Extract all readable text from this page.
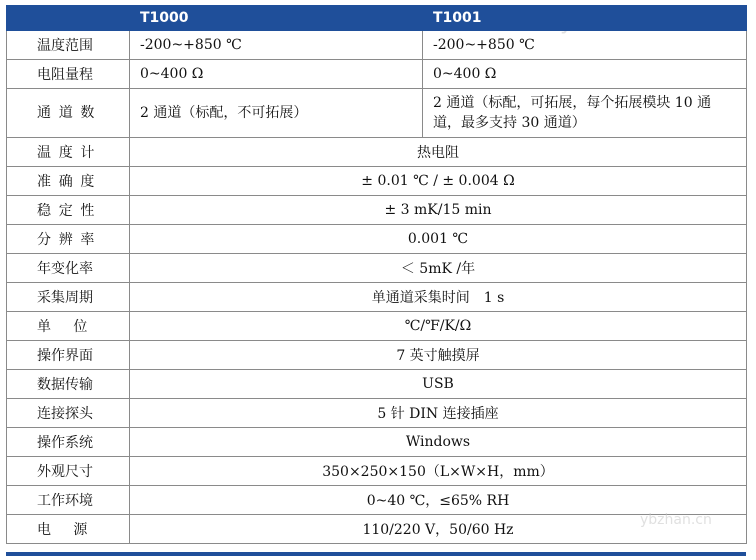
	T1000	T1001
温度范围	-200~+850 ℃	-200~+850 ℃
电阻量程	0~400 Ω	0~400 Ω
通道数	2 通道（标配，不可拓展）	2 通道（标配，可拓展，每个拓展模块 10 通道，最多支持 30 通道）
温度计	热电阻	
准确度	± 0.01 ℃ / ± 0.004 Ω	
稳定性	± 3 mK/15 min	
分辨率	0.001 ℃	
年变化率	＜ 5mK /年	
采集周期	单通道采集时间　1 s	
单位	℃/℉/K/Ω	
操作界面	7 英寸触摸屏	
数据传输	USB	
连接探头	5 针 DIN 连接插座	
操作系统	Windows	
外观尺寸	350×250×150（L×W×H，mm）	
工作环境	0~40 ℃，≤65% RH	
电源	110/220 V，50/60 Hz	
ybzhan.cn
